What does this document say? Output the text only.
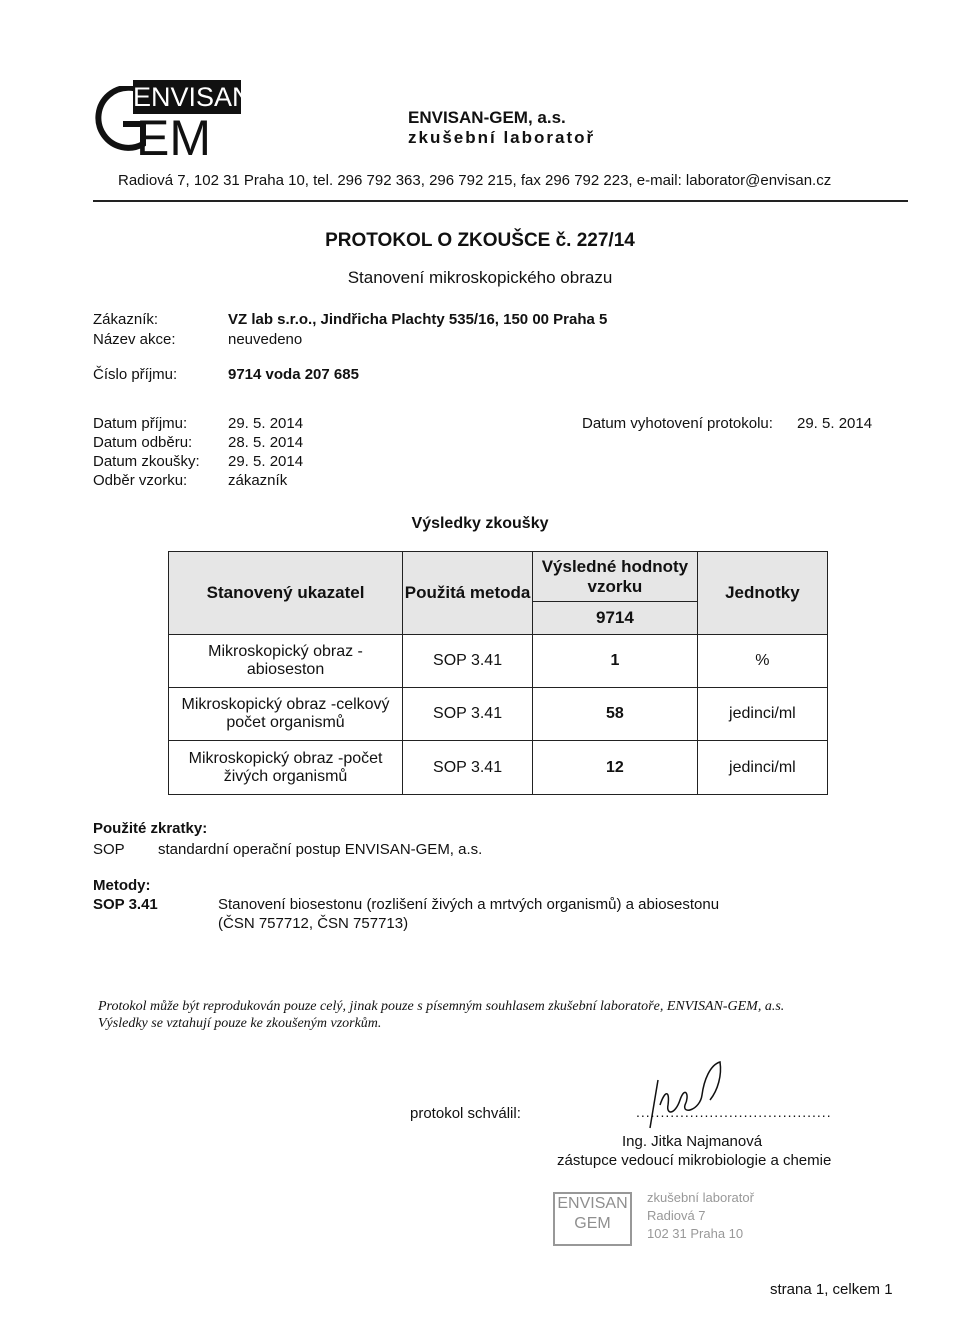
ENVISAN
EM	ENVISAN-GEM, a.s.
zkušební laboratoř
Radiová 7, 102 31 Praha 10, tel. 296 792 363, 296 792 215, fax 296 792 223, e-mail: laborator@envisan.cz
PROTOKOL O ZKOUŠCE č. 227/14
Stanovení mikroskopického obrazu
Zákazník:	VZ lab s.r.o., Jindřicha Plachty 535/16, 150 00 Praha 5
Název akce:	neuvedeno
Číslo příjmu:	9714 voda 207 685
Datum příjmu:	29. 5. 2014
Datum odběru: 28. 5. 2014
Datum zkoušky: 29. 5. 2014
Odběr vzorku:	zákazník
Datum vyhotovení protokolu: 29. 5. 2014
Výsledky zkoušky
Stanovený ukazatel	Použitá metoda	Výsledné hodnoty vzorku	Jednotky
		9714	
Mikroskopický obraz - abioseston	SOP 3.41	1	%
Mikroskopický obraz -celkový počet organismů	SOP 3.41	58	jedinci/ml
Mikroskopický obraz -počet živých organismů	SOP 3.41	12	jedinci/ml
Použité zkratky:
SOP standardní operační postup ENVISAN-GEM, a.s.
Metody:
SOP 3.41	Stanovení biosestonu (rozlišení živých a mrtvých organismů) a abiosestonu
(ČSN 757712, ČSN 757713)
Protokol může být reprodukován pouze celý, jinak pouze s písemným souhlasem zkušební laboratoře, ENVISAN-GEM, a.s.
Výsledky se vztahují pouze ke zkoušeným vzorkům.
protokol schválil:	........................................
Ing. Jitka Najmanová
zástupce vedoucí mikrobiologie a chemie
ENVISAN
GEM
zkušební laboratoř
Radiová 7
102 31 Praha 10
strana 1, celkem 1
